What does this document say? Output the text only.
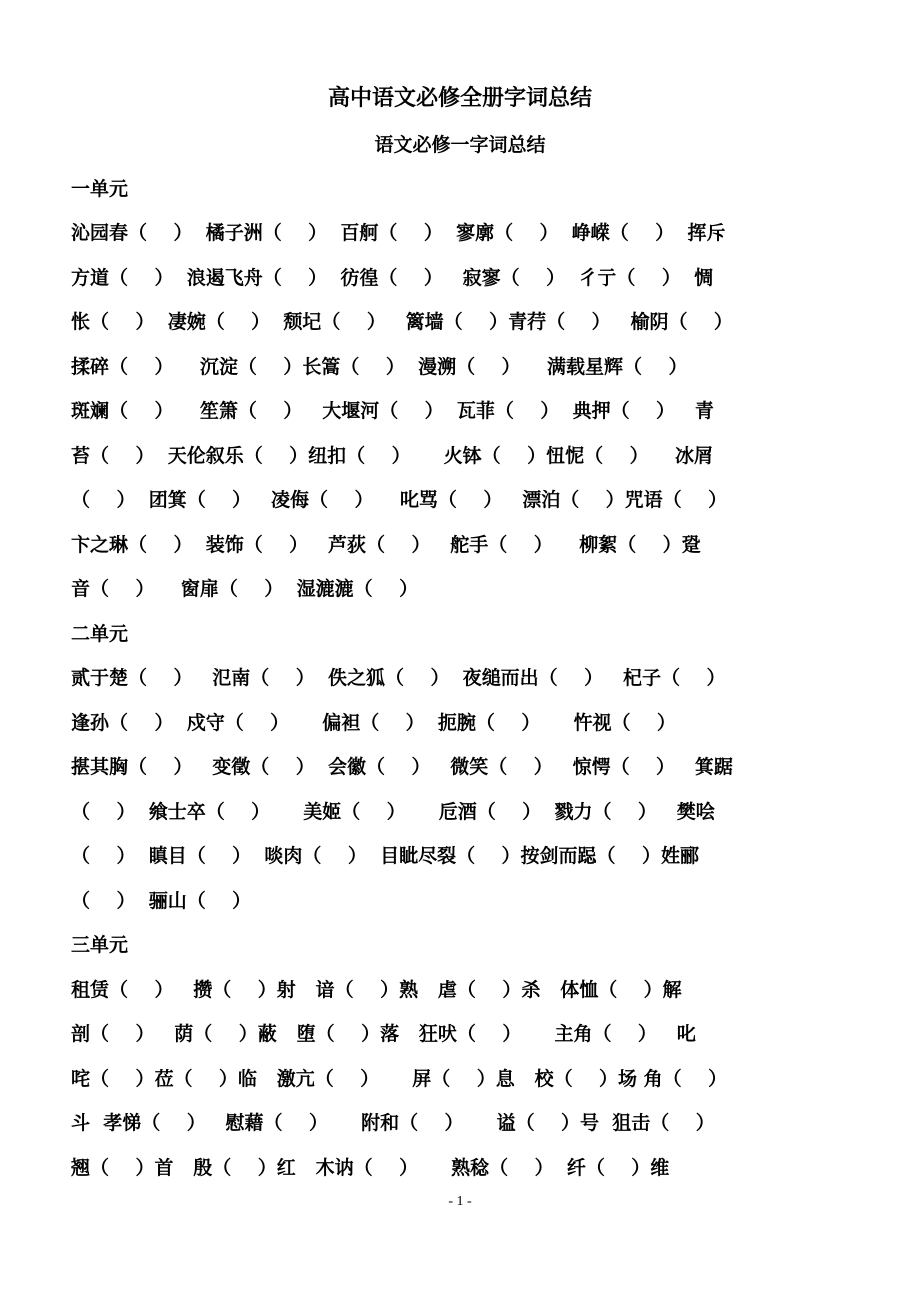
高中语文必修全册字词总结
语文必修一字词总结
一单元
沁园春（    ）  橘子洲（    ）  百舸（    ）  寥廓（    ）  峥嵘（    ）  挥斥
方道（    ）  浪遏飞舟（    ）  彷徨（    ）   寂寥（    ）  彳亍（    ）  惆
怅（    ）  凄婉（    ）  颓圮（    ）   篱墙（    ）青荇（    ）   榆阴（    ）
揉碎（    ）    沉淀（    ）长篙（    ）  漫溯（    ）    满载星辉（    ）
斑斓（    ）    笙箫（    ）   大堰河（    ）  瓦菲（    ）  典押（    ）   青
苔（    ）  天伦叙乐（    ）纽扣（    ）     火钵（    ）忸怩（    ）    冰屑
（    ）  团箕（    ）   凌侮（    ）    叱骂（    ）   漂泊（    ）咒语（    ）
卞之琳（    ）  装饰（    ）   芦荻（    ）   舵手（    ）    柳絮（    ）跫
音（    ）    窗扉（    ）  湿漉漉（    ）
二单元
贰于楚（    ）   氾南（    ）  佚之狐（    ）  夜缒而出（    ）   杞子（    ）
逢孙（    ）  戍守（    ）     偏袒（    ）  扼腕（    ）     忤视（    ）
揕其胸（    ）   变徵（    ）  会徽（    ）   微笑（    ）   惊愕（    ）   箕踞
（    ）  飨士卒（    ）     美姬（    ）     卮酒（    ）  戮力（    ）   樊哙
（    ）  瞋目（    ）  啖肉（    ）  目眦尽裂（    ）按剑而跽（    ）姓郦
（    ）  骊山（    ）
三单元
租赁（    ）   攒（    ）射   谙（    ）熟   虐（    ）杀   体恤（    ）解
剖（    ）   荫（    ）蔽   堕（    ）落   狂吠（    ）     主角（    ）   叱
咤（    ）莅（    ）临   激亢（    ）     屏（    ）息   校（    ）场 角（    ）
斗  孝悌（    ）   慰藉（    ）     附和（    ）     谥（    ）号  狙击（    ）
翘（    ）首   殷（    ）红   木讷（    ）     熟稔（    ）  纤（    ）维
- 1 -
